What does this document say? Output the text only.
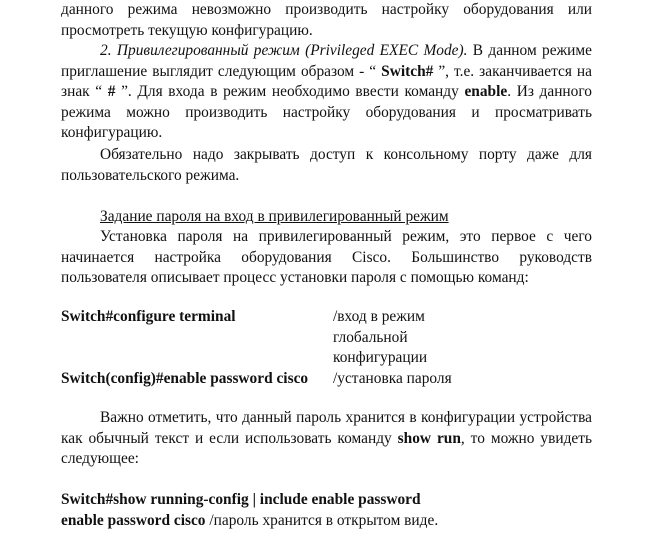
данного режима невозможно производить настройку оборудования или просмотреть текущую конфигурацию.

2. Привилегированный режим (Privileged EXEC Mode). В данном режиме приглашение выглядит следующим образом - “ Switch# ”, т.е. заканчивается на знак “ # ”. Для входа в режим необходимо ввести команду enable. Из данного режима можно производить настройку оборудования и просматривать конфигурацию.

Обязательно надо закрывать доступ к консольному порту даже для пользовательского режима.

Задание пароля на вход в привилегированный режим

Установка пароля на привилегированный режим, это первое с чего начинается настройка оборудования Cisco. Большинство руководств пользователя описывает процесс установки пароля с помощью команд:

Switch#configure terminal	/вход в режим
глобальной
конфигурации
Switch(config)#enable password cisco /установка пароля

Важно отметить, что данный пароль хранится в конфигурации устройства как обычный текст и если использовать команду show run, то можно увидеть следующее:

Switch#show running-config | include enable password
enable password cisco /пароль хранится в открытом виде.
